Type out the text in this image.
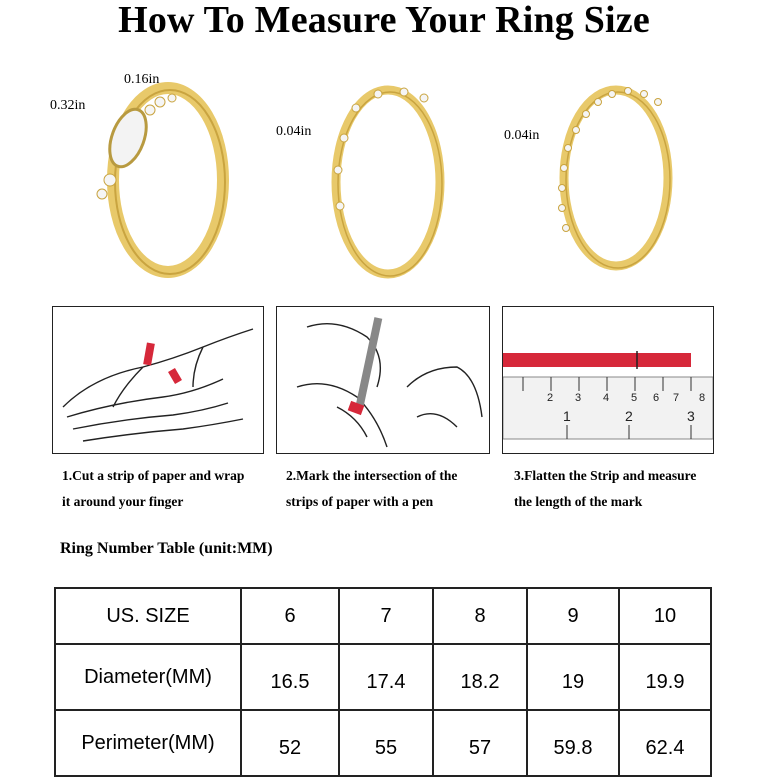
How To Measure Your Ring Size
0.32in
0.16in
0.04in	0.04in
2 3 4 5 6 7 8
1	2	3
1.Cut a strip of paper and wrap
it around your finger
2.Mark the intersection of the
strips of paper with a pen
3.Flatten the Strip and measure
the length of the mark
Ring Number Table (unit:MM)
US. SIZE	6	7	8	9	10
Diameter(MM)	16.5	17.4	18.2	19	19.9
Perimeter(MM)	52	55	57	59.8	62.4
